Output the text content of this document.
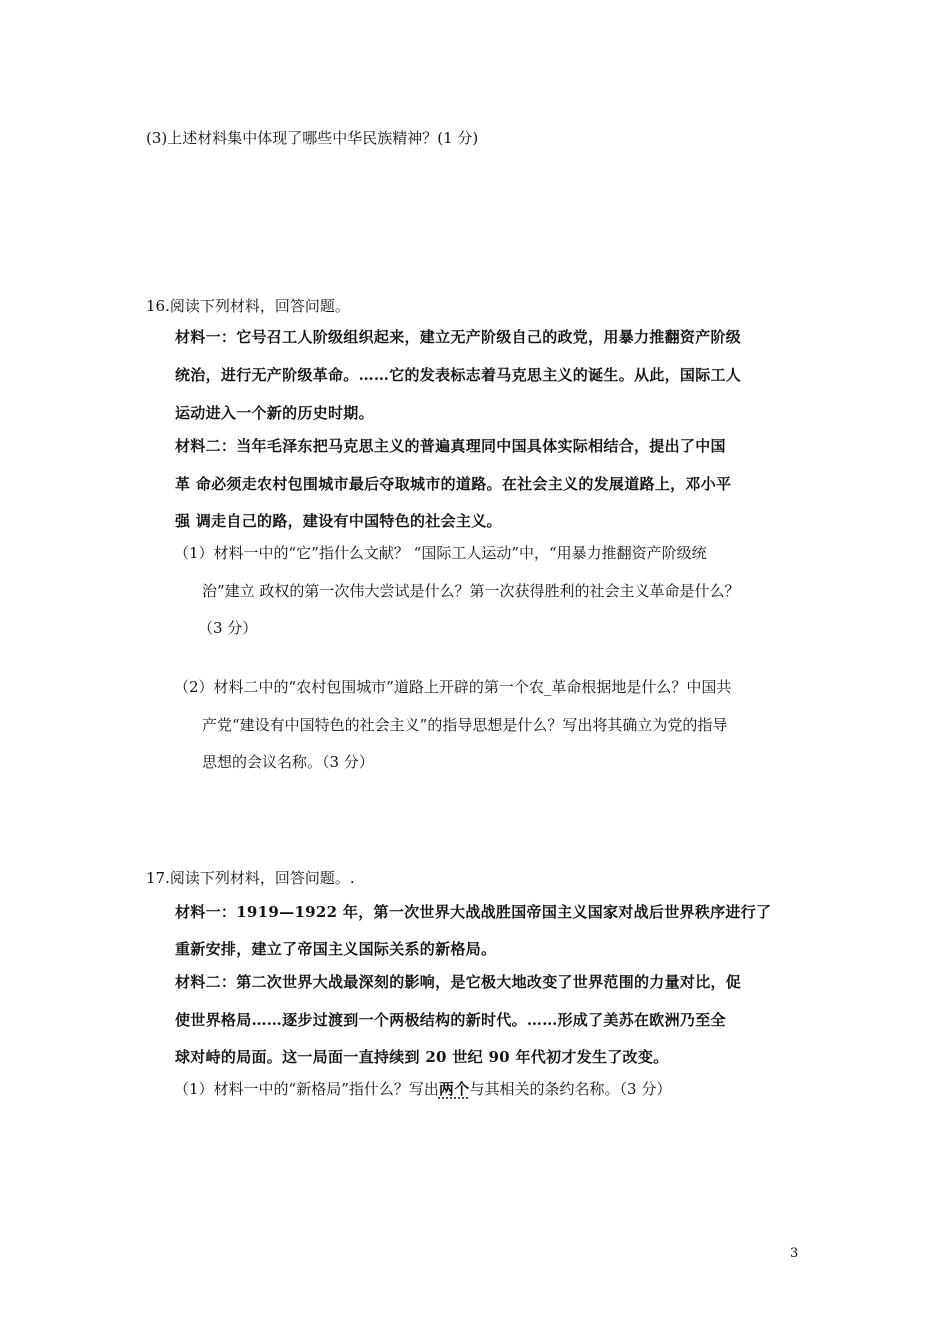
(3)上述材料集中体现了哪些中华民族精神？(1 分)
16.阅读下列材料，回答问题。
材料一：它号召工人阶级组织起来，建立无产阶级自己的政党，用暴力推翻资产阶级
统治，进行无产阶级革命。……它的发表标志着马克思主义的诞生。从此，国际工人
运动进入一个新的历史时期。
材料二：当年毛泽东把马克思主义的普遍真理同中国具体实际相结合，提出了中国
革 命必须走农村包围城市最后夺取城市的道路。在社会主义的发展道路上，邓小平
强 调走自己的路，建设有中国特色的社会主义。
（1）材料一中的“它”指什么文献？ “国际工人运动”中，“用暴力推翻资产阶级统
治”建立 政权的第一次伟大尝试是什么？第一次获得胜利的社会主义革命是什么？
（3 分）
（2）材料二中的“农村包围城市”道路上开辟的第一个农_革命根据地是什么？中国共
产党“建设有中国特色的社会主义”的指导思想是什么？写出将其确立为党的指导
思想的会议名称。（3 分）
17.阅读下列材料，回答问题。.
材料一：1919—1922 年，第一次世界大战战胜国帝国主义国家对战后世界秩序进行了
重新安排，建立了帝国主义国际关系的新格局。
材料二：第二次世界大战最深刻的影响，是它极大地改变了世界范围的力量对比，促
使世界格局……逐步过渡到一个两极结构的新时代。……形成了美苏在欧洲乃至全
球对峙的局面。这一局面一直持续到 20 世纪 90 年代初才发生了改变。
（1）材料一中的“新格局”指什么？写出两个与其相关的条约名称。（3 分）
3
